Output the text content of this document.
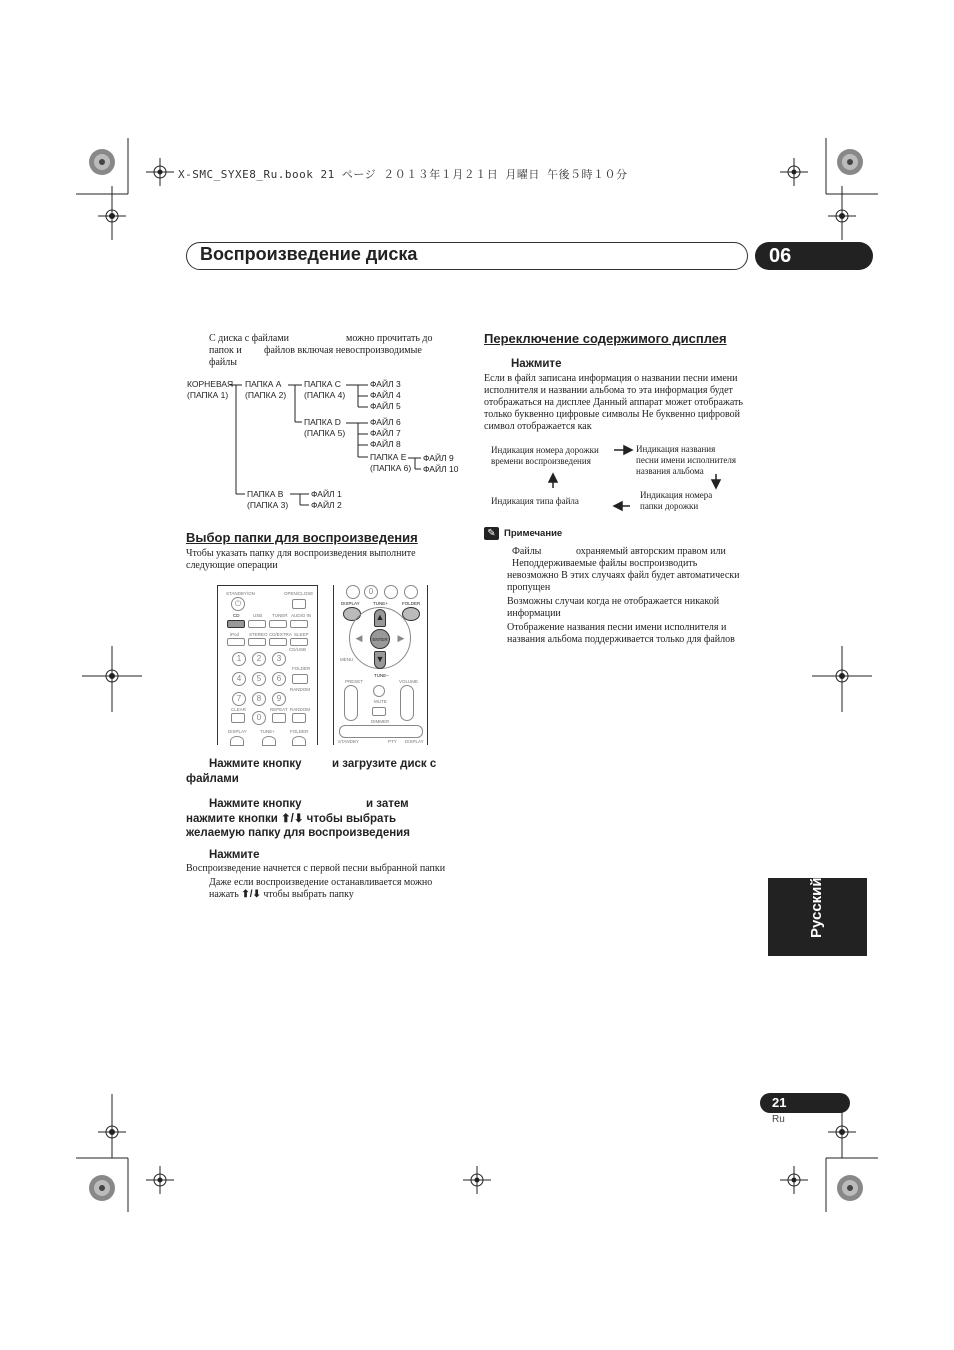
X-SMC_SYXE8_Ru.book 21 ページ ２０１３年１月２１日 月曜日 午後５時１０分
Воспроизведение диска	06
С диска с файлами	можно прочитать до
папок и файлов включая невоспроизводимые
файлы
КОРНЕВАЯ
(ПАПКА 1)
ПАПКА A
(ПАПКА 2)
ПАПКА C
(ПАПКА 4)
ФАЙЛ 3
ФАЙЛ 4
ФАЙЛ 5
ПАПКА D
(ПАПКА 5)
ФАЙЛ 6
ФАЙЛ 7
ФАЙЛ 8
ПАПКА E
(ПАПКА 6)
ФАЙЛ 9
ФАЙЛ 10
ПАПКА B
(ПАПКА 3)
ФАЙЛ 1
ФАЙЛ 2
Выбор папки для воспроизведения
Чтобы указать папку для воспроизведения выполните
следующие операции
STANDBY/ON	OPEN/CLOSE
⏻
CD	USB TUNER AUDIO IN
iPod STEREO CD/EXTRA SLEEP
CD/USB
1	2	3
FOLDER
4	5	6
RANDOM
7	8	9
CLEAR	REPEAT RANDOM
0
DISPLAY	TUNE+	FOLDER
0
DISPLAY	TUNE+	FOLDER
▲
▼
◀	▶
ENTER
MENU
TUNE–
PRESET	VOLUME
MUTE
DIMMER
STANDBY	PTY DISPLAY
Нажмите кнопку	и загрузите диск с
файлами
Нажмите кнопку	и затем
нажмите кнопки ⬆/⬇ чтобы выбрать
желаемую папку для воспроизведения
Нажмите
Воспроизведение начнется с первой песни выбранной папки
Даже если воспроизведение останавливается можно
нажать ⬆/⬇ чтобы выбрать папку
Переключение содержимого дисплея
Нажмите
Если в файл записана информация о названии песни имени
исполнителя и названии альбома то эта информация будет
отображаться на дисплее Данный аппарат может отображать
только буквенно цифровые символы Не буквенно цифровой
символ отображается как
Индикация номера дорожки
времени воспроизведения
Индикация названия
песни имени исполнителя
названия альбома
Индикация типа файла
Индикация номера
папки дорожки
✎ Примечание
Файлы	охраняемый авторским правом или
Неподдерживаемые файлы воспроизводить
невозможно В этих случаях файл будет автоматически
пропущен
Возможны случаи когда не отображается никакой
информации
Отображение названия песни имени исполнителя и
названия альбома поддерживается только для файлов
Русский
21
Ru
